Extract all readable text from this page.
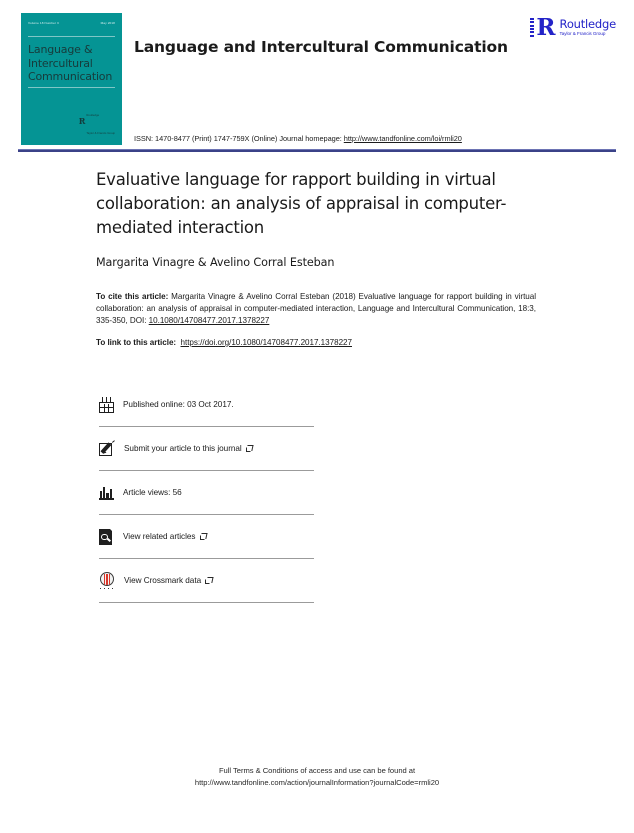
Volume 18 Number 3	May 2018
Language & Intercultural Communication
R
Routledge
Taylor & Francis Group
Language and Intercultural Communication
ISSN: 1470-8477 (Print) 1747-759X (Online) Journal homepage: http://www.tandfonline.com/loi/rmli20
R Routledge
Taylor & Francis Group
Evaluative language for rapport building in virtual collaboration: an analysis of appraisal in computer-mediated interaction
Margarita Vinagre & Avelino Corral Esteban
To cite this article: Margarita Vinagre & Avelino Corral Esteban (2018) Evaluative language for rapport building in virtual collaboration: an analysis of appraisal in computer-mediated interaction, Language and Intercultural Communication, 18:3, 335-350, DOI: 10.1080/14708477.2017.1378227
To link to this article: https://doi.org/10.1080/14708477.2017.1378227
Published online: 03 Oct 2017.
Submit your article to this journal
Article views: 56
View related articles
View Crossmark data
Full Terms & Conditions of access and use can be found at
http://www.tandfonline.com/action/journalInformation?journalCode=rmli20
